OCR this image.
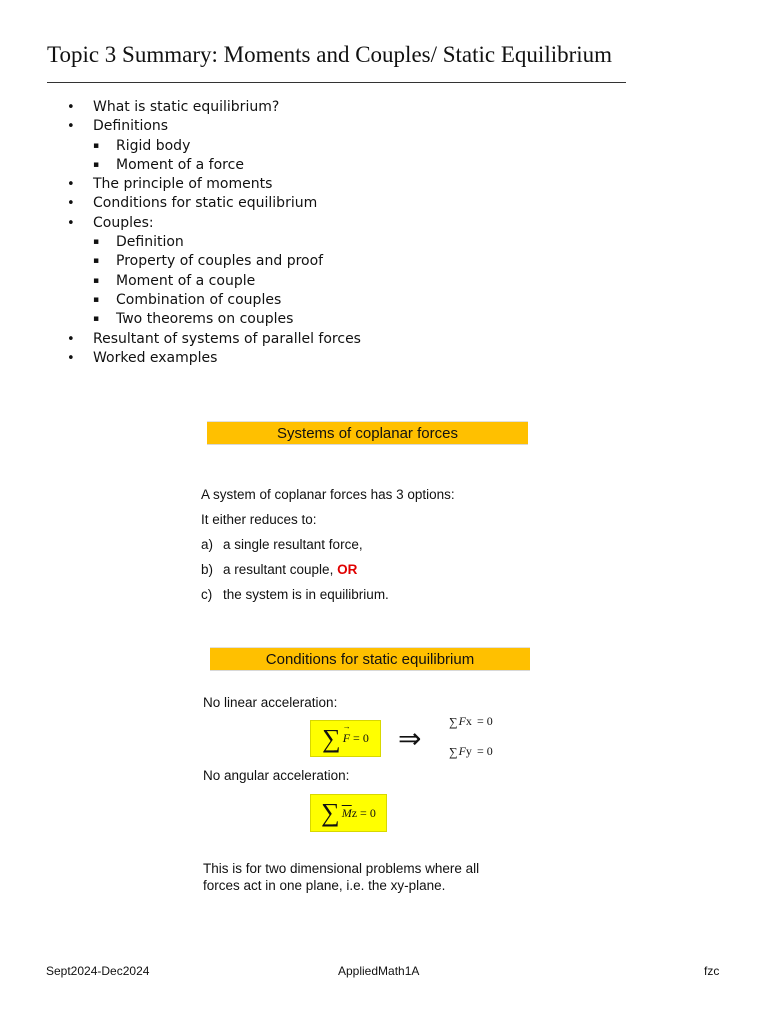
Topic 3 Summary: Moments and Couples/ Static Equilibrium
• What is static equilibrium?
• Definitions
▪ Rigid body
▪ Moment of a force
• The principle of moments
• Conditions for static equilibrium
• Couples:
▪ Definition
▪ Property of couples and proof
▪ Moment of a couple
▪ Combination of couples
▪ Two theorems on couples
• Resultant of systems of parallel forces
• Worked examples
Systems of coplanar forces
A system of coplanar forces has 3 options:
It either reduces to:
a) a single resultant force,
b) a resultant couple, OR
c) the system is in equilibrium.
Conditions for static equilibrium
No linear acceleration:
∑ → F
= 0 ⇒
∑ F x
= 0
∑ F y
= 0
No angular acceleration:
∑ $\overline{M}$ z
= 0
This is for two dimensional problems where all
forces act in one plane, i.e. the xy-plane.
Sept2024-Dec2024	AppliedMath1A	fzc
